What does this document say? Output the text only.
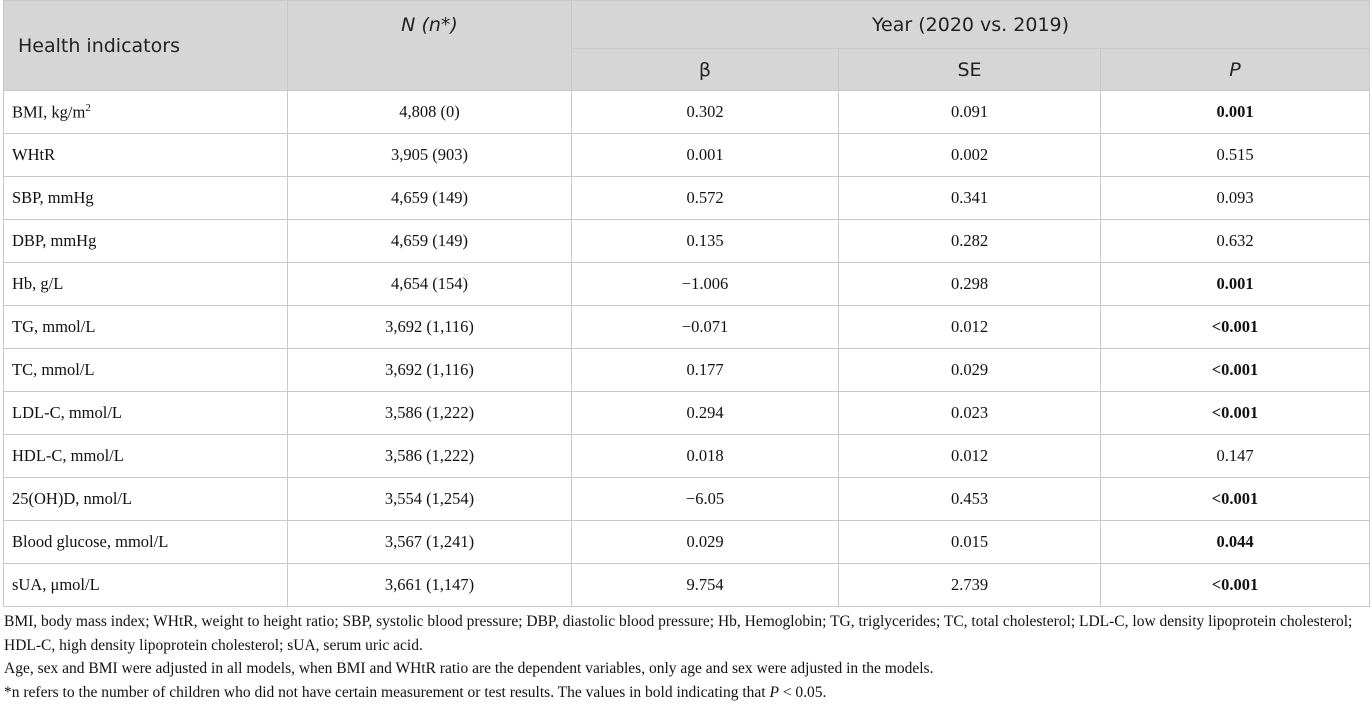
Health indicators	N (n*)	Year (2020 vs. 2019)		
		β	SE	P
BMI, $kg/m^2$	4,808 (0)	0.302	0.091	0.001
WHtR	3,905 (903)	0.001	0.002	0.515
SBP, mmHg	4,659 (149)	0.572	0.341	0.093
DBP, mmHg	4,659 (149)	0.135	0.282	0.632
Hb, g/L	4,654 (154)	−1.006	0.298	0.001
TG, mmol/L	3,692 (1,116)	−0.071	0.012	<0.001
TC, mmol/L	3,692 (1,116)	0.177	0.029	<0.001
LDL-C, mmol/L	3,586 (1,222)	0.294	0.023	<0.001
HDL-C, mmol/L	3,586 (1,222)	0.018	0.012	0.147
25(OH)D, nmol/L	3,554 (1,254)	−6.05	0.453	<0.001
Blood glucose, mmol/L	3,567 (1,241)	0.029	0.015	0.044
sUA, μmol/L	3,661 (1,147)	9.754	2.739	<0.001

BMI, body mass index; WHtR, weight to height ratio; SBP, systolic blood pressure; DBP, diastolic blood pressure; Hb, Hemoglobin; TG, triglycerides; TC, total cholesterol; LDL-C, low density lipoprotein cholesterol; HDL-C, high density lipoprotein cholesterol; sUA, serum uric acid.

Age, sex and BMI were adjusted in all models, when BMI and WHtR ratio are the dependent variables, only age and sex were adjusted in the models.

*n refers to the number of children who did not have certain measurement or test results. The values in bold indicating that P < 0.05.
